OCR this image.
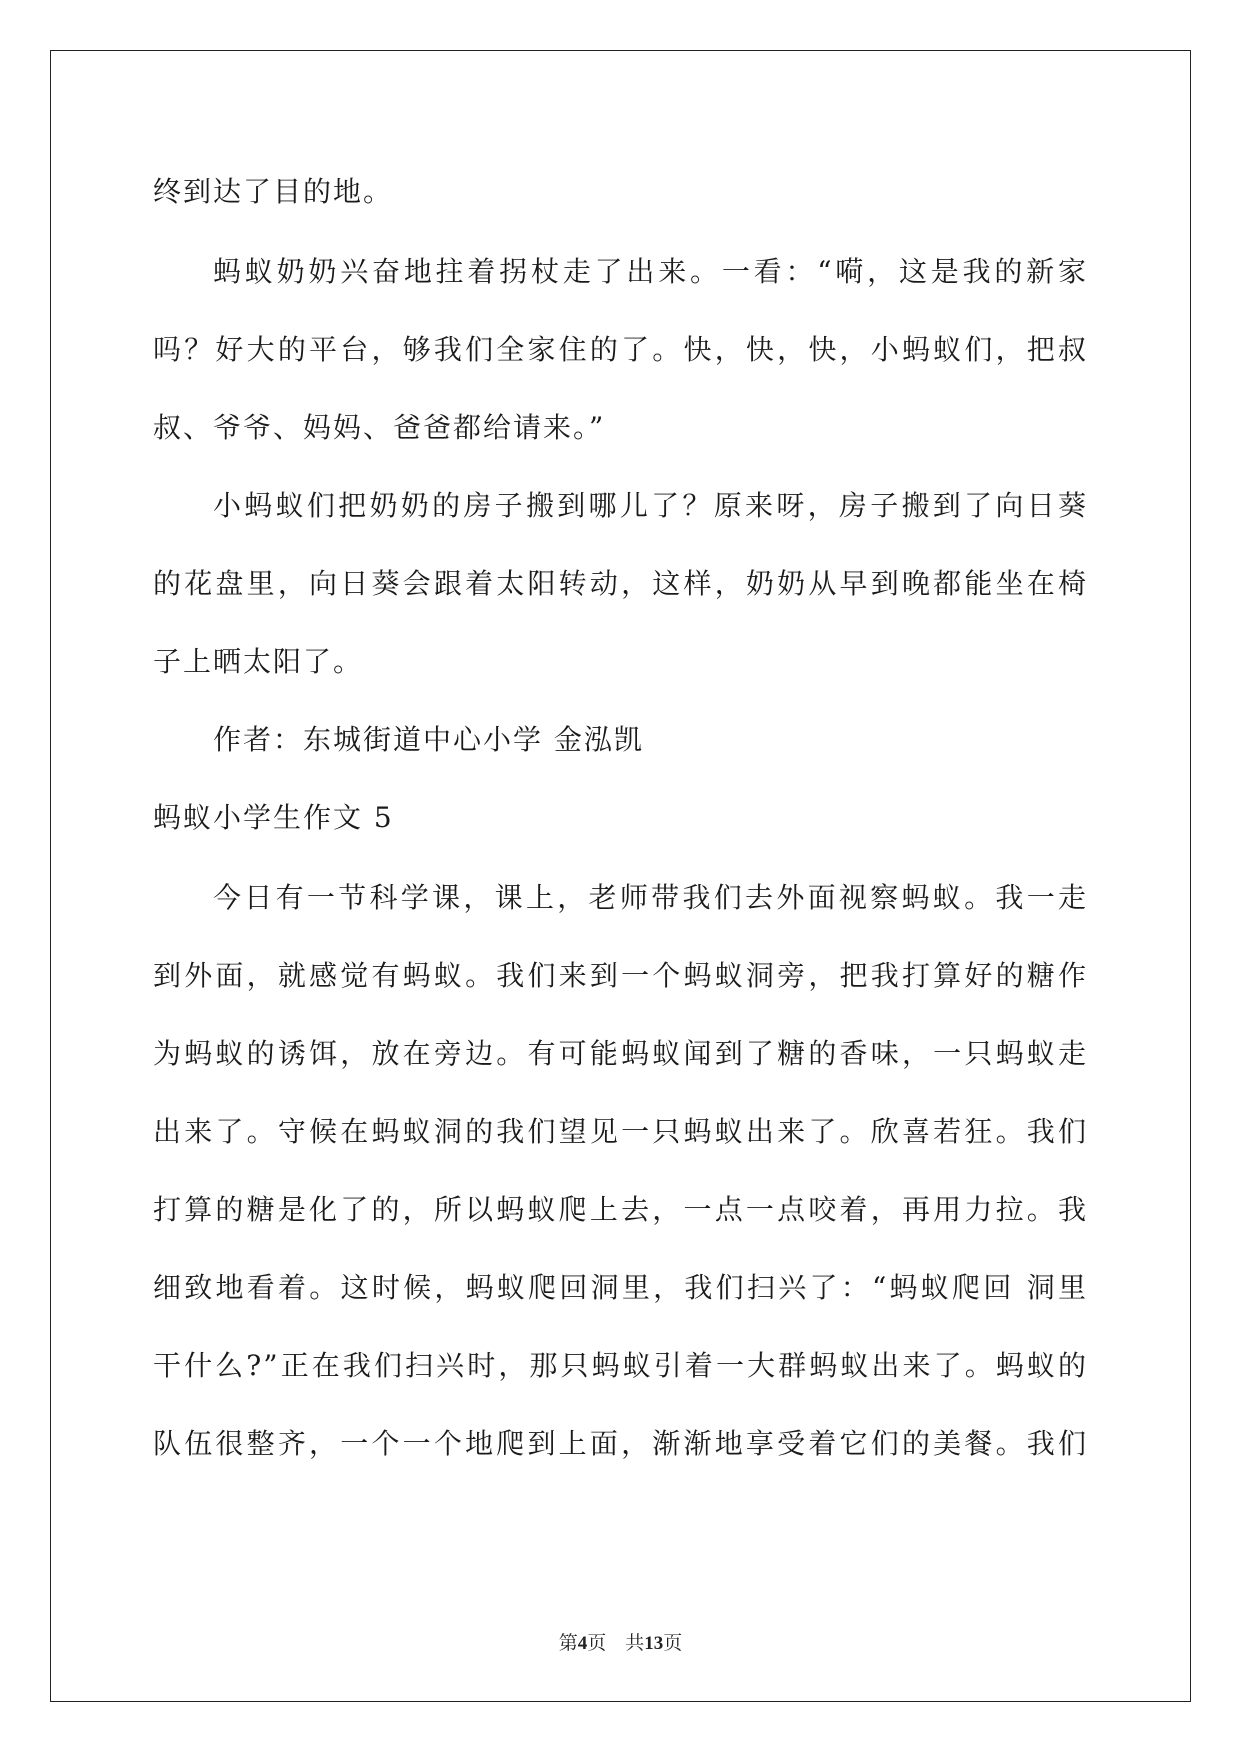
终到达了目的地。
蚂蚁奶奶兴奋地拄着拐杖走了出来。一看：“嗬，这是我的新家
吗？好大的平台，够我们全家住的了。快，快，快，小蚂蚁们，把叔
叔、爷爷、妈妈、爸爸都给请来。”
小蚂蚁们把奶奶的房子搬到哪儿了？原来呀，房子搬到了向日葵
的花盘里，向日葵会跟着太阳转动，这样，奶奶从早到晚都能坐在椅
子上晒太阳了。
作者：东城街道中心小学 金泓凯
蚂蚁小学生作文 5
今日有一节科学课，课上，老师带我们去外面视察蚂蚁。我一走
到外面，就感觉有蚂蚁。我们来到一个蚂蚁洞旁，把我打算好的糖作
为蚂蚁的诱饵，放在旁边。有可能蚂蚁闻到了糖的香味，一只蚂蚁走
出来了。守候在蚂蚁洞的我们望见一只蚂蚁出来了。欣喜若狂。我们
打算的糖是化了的，所以蚂蚁爬上去，一点一点咬着，再用力拉。我
细致地看着。这时候，蚂蚁爬回洞里，我们扫兴了：“蚂蚁爬回 洞里
干什么?”正在我们扫兴时，那只蚂蚁引着一大群蚂蚁出来了。蚂蚁的
队伍很整齐，一个一个地爬到上面，渐渐地享受着它们的美餐。我们
第4页 共13页
